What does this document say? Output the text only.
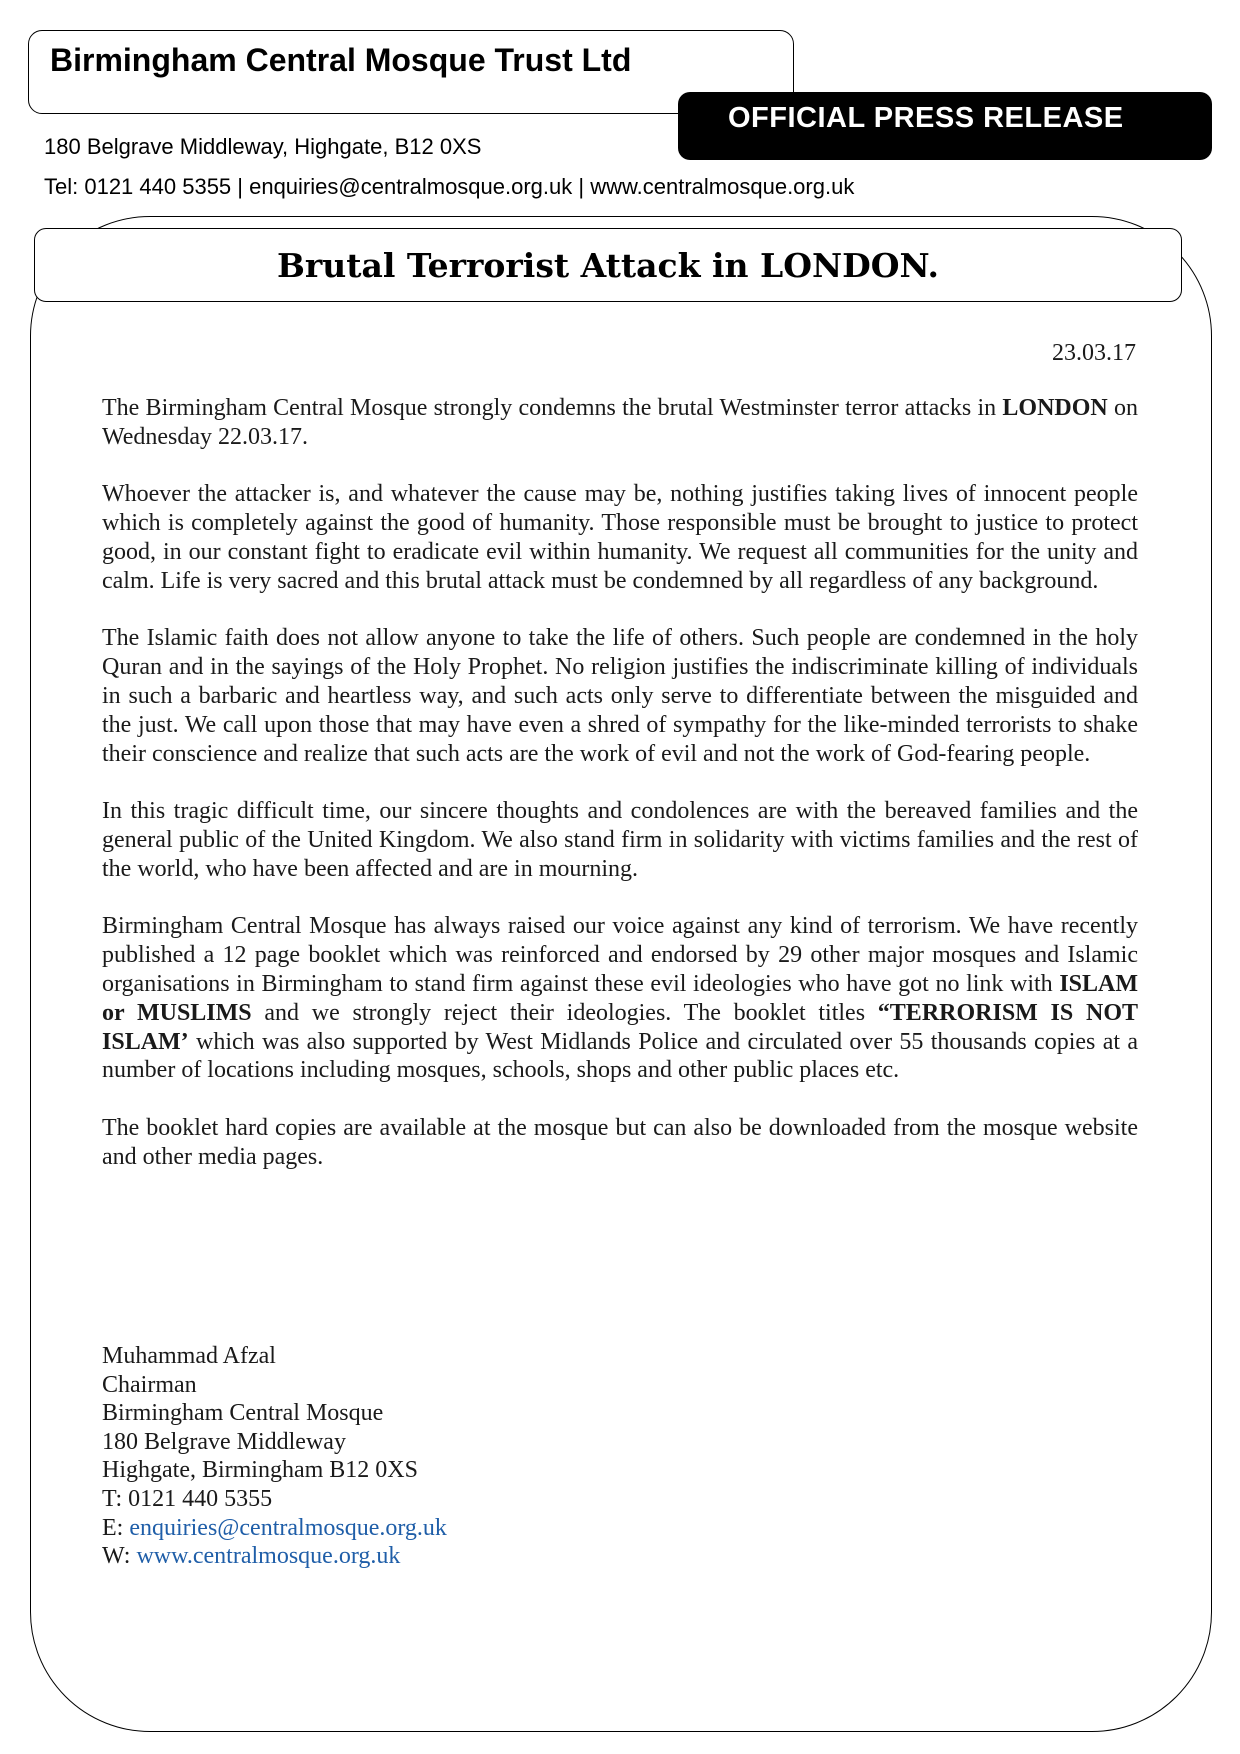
Birmingham Central Mosque Trust Ltd
OFFICIAL PRESS RELEASE
180 Belgrave Middleway, Highgate, B12 0XS
Tel: 0121 440 5355 | enquiries@centralmosque.org.uk | www.centralmosque.org.uk
Brutal Terrorist Attack in LONDON.
23.03.17

The Birmingham Central Mosque strongly condemns the brutal Westminster terror attacks in LONDON on Wednesday 22.03.17.

Whoever the attacker is, and whatever the cause may be, nothing justifies taking lives of innocent people which is completely against the good of humanity. Those responsible must be brought to justice to protect good, in our constant fight to eradicate evil within humanity. We request all communities for the unity and calm. Life is very sacred and this brutal attack must be condemned by all regardless of any background.

The Islamic faith does not allow anyone to take the life of others. Such people are condemned in the holy Quran and in the sayings of the Holy Prophet. No religion justifies the indiscriminate killing of individuals in such a barbaric and heartless way, and such acts only serve to differentiate between the misguided and the just. We call upon those that may have even a shred of sympathy for the like-minded terrorists to shake their conscience and realize that such acts are the work of evil and not the work of God-fearing people.

In this tragic difficult time, our sincere thoughts and condolences are with the bereaved families and the general public of the United Kingdom. We also stand firm in solidarity with victims families and the rest of the world, who have been affected and are in mourning.

Birmingham Central Mosque has always raised our voice against any kind of terrorism. We have recently published a 12 page booklet which was reinforced and endorsed by 29 other major mosques and Islamic organisations in Birmingham to stand firm against these evil ideologies who have got no link with ISLAM or MUSLIMS and we strongly reject their ideologies. The booklet titles “TERRORISM IS NOT ISLAM’ which was also supported by West Midlands Police and circulated over 55 thousands copies at a number of locations including mosques, schools, shops and other public places etc.

The booklet hard copies are available at the mosque but can also be downloaded from the mosque website and other media pages.

Muhammad Afzal
Chairman
Birmingham Central Mosque
180 Belgrave Middleway
Highgate, Birmingham B12 0XS
T: 0121 440 5355
E: enquiries@centralmosque.org.uk
W: www.centralmosque.org.uk
